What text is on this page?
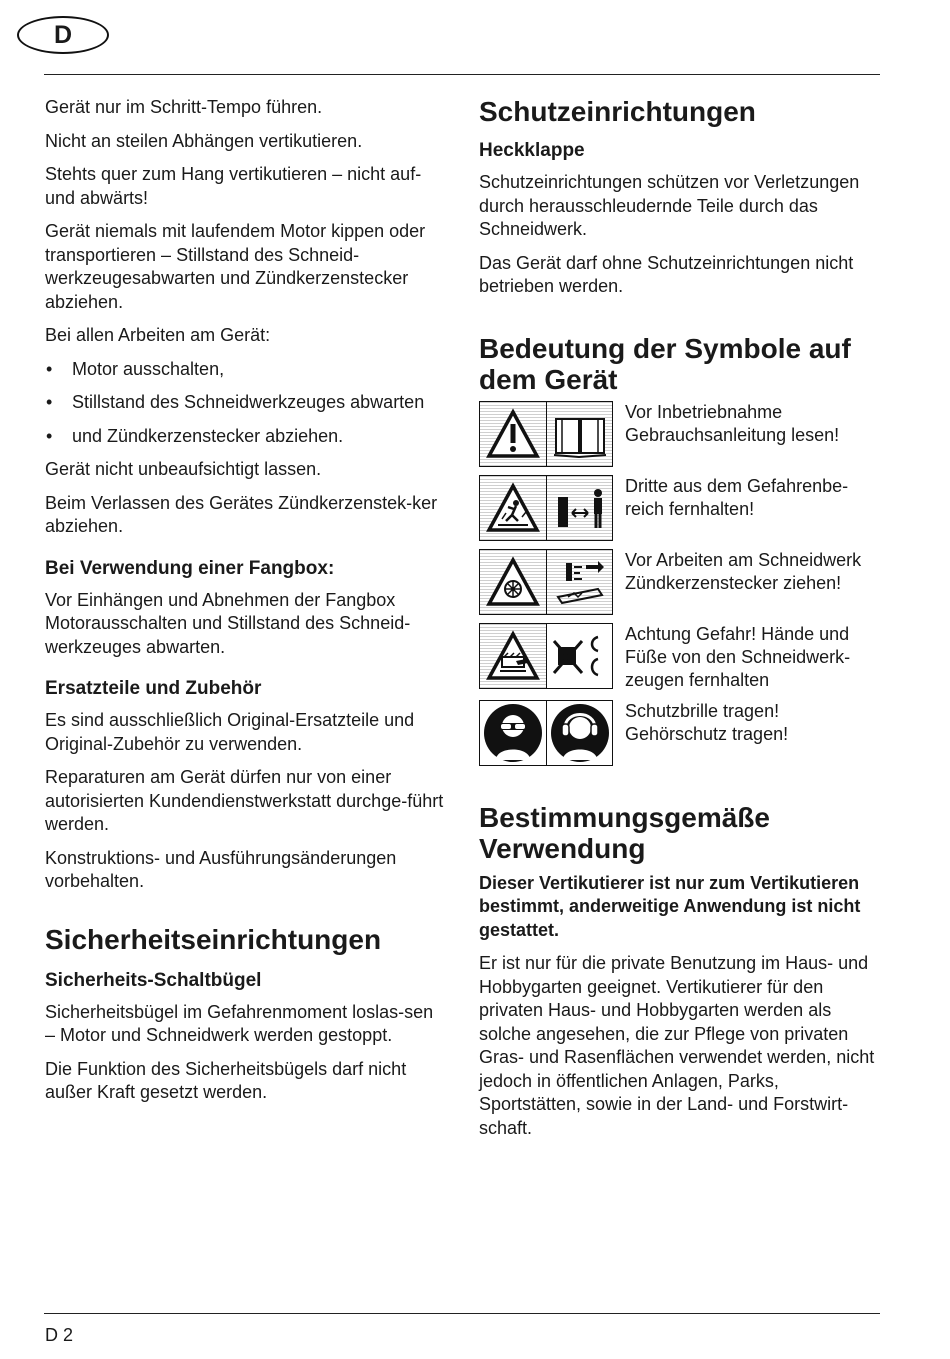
D

Gerät nur im Schritt-Tempo führen.

Nicht an steilen Abhängen vertikutieren.

Stehts quer zum Hang vertikutieren – nicht auf- und abwärts!

Gerät niemals mit laufendem Motor kippen oder transportieren – Stillstand des Schneid-werkzeugesabwarten und Zündkerzenstecker abziehen.

Bei allen Arbeiten am Gerät:

• Motor ausschalten,
• Stillstand des Schneidwerkzeuges abwarten
• und Zündkerzenstecker abziehen.

Gerät nicht unbeaufsichtigt lassen.

Beim Verlassen des Gerätes Zündkerzenstek-ker abziehen.

Bei Verwendung einer Fangbox:

Vor Einhängen und Abnehmen der Fangbox Motorausschalten und Stillstand des Schneid-werkzeuges abwarten.

Ersatzteile und Zubehör

Es sind ausschließlich Original-Ersatzteile und Original-Zubehör zu verwenden.

Reparaturen am Gerät dürfen nur von einer autorisierten Kundendienstwerkstatt durchge-führt werden.

Konstruktions- und Ausführungsänderungen vorbehalten.

Sicherheitseinrichtungen
Sicherheits-Schaltbügel

Sicherheitsbügel im Gefahrenmoment loslas-sen – Motor und Schneidwerk werden gestoppt.

Die Funktion des Sicherheitsbügels darf nicht außer Kraft gesetzt werden.

Schutzeinrichtungen
Heckklappe

Schutzeinrichtungen schützen vor Verletzungen durch herausschleudernde Teile durch das Schneidwerk.

Das Gerät darf ohne Schutzeinrichtungen nicht betrieben werden.

Bedeutung der Symbole auf
dem Gerät
Vor Inbetriebnahme
Gebrauchsanleitung lesen!
Dritte aus dem Gefahrenbe-
reich fernhalten!
Vor Arbeiten am Schneidwerk
Zündkerzenstecker ziehen!
Achtung Gefahr! Hände und
Füße von den Schneidwerk-
zeugen fernhalten
Schutzbrille tragen!
Gehörschutz tragen!
Bestimmungsgemäße
Verwendung

Dieser Vertikutierer ist nur zum Vertikutieren bestimmt, anderweitige Anwendung ist nicht gestattet.

Er ist nur für die private Benutzung im Haus- und Hobbygarten geeignet. Vertikutierer für den privaten Haus- und Hobbygarten werden als solche angesehen, die zur Pflege von privaten Gras- und Rasenflächen verwendet werden, nicht jedoch in öffentlichen Anlagen, Parks, Sportstätten, sowie in der Land- und Forstwirt-schaft.

D 2
